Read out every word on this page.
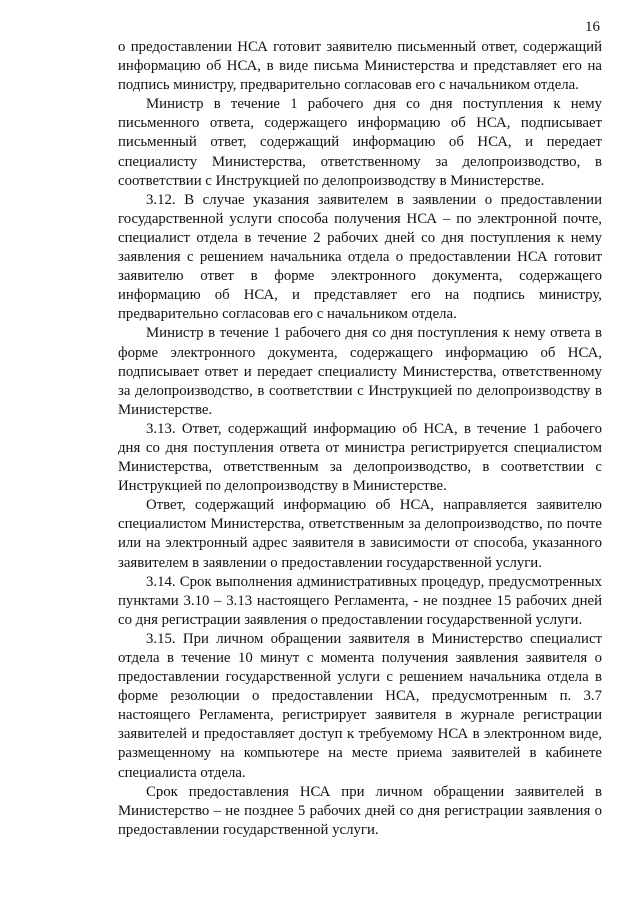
16

о предоставлении НСА готовит заявителю письменный ответ, содержащий информацию об НСА, в виде письма Министерства и представляет его на подпись министру, предварительно согласовав его с начальником отдела.

Министр в течение 1 рабочего дня со дня поступления к нему письменного ответа, содержащего информацию об НСА, подписывает письменный ответ, содержащий информацию об НСА, и передает специалисту Министерства, ответственному за делопроизводство, в соответствии с Инструкцией по делопроизводству в Министерстве.

3.12. В случае указания заявителем в заявлении о предоставлении государственной услуги способа получения НСА – по электронной почте, специалист отдела в течение 2 рабочих дней со дня поступления к нему заявления с решением начальника отдела о предоставлении НСА готовит заявителю ответ в форме электронного документа, содержащего информацию об НСА, и представляет его на подпись министру, предварительно согласовав его с начальником отдела.

Министр в течение 1 рабочего дня со дня поступления к нему ответа в форме электронного документа, содержащего информацию об НСА, подписывает ответ и передает специалисту Министерства, ответственному за делопроизводство, в соответствии с Инструкцией по делопроизводству в Министерстве.

3.13. Ответ, содержащий информацию об НСА, в течение 1 рабочего дня со дня поступления ответа от министра регистрируется специалистом Министерства, ответственным за делопроизводство, в соответствии с Инструкцией по делопроизводству в Министерстве.

Ответ, содержащий информацию об НСА, направляется заявителю специалистом Министерства, ответственным за делопроизводство, по почте или на электронный адрес заявителя в зависимости от способа, указанного заявителем в заявлении о предоставлении государственной услуги.

3.14. Срок выполнения административных процедур, предусмотренных пунктами 3.10 – 3.13 настоящего Регламента, - не позднее 15 рабочих дней со дня регистрации заявления о предоставлении государственной услуги.

3.15. При личном обращении заявителя в Министерство специалист отдела в течение 10 минут с момента получения заявления заявителя о предоставлении государственной услуги с решением начальника отдела в форме резолюции о предоставлении НСА, предусмотренным п. 3.7 настоящего Регламента, регистрирует заявителя в журнале регистрации заявителей и предоставляет доступ к требуемому НСА в электронном виде, размещенному на компьютере на месте приема заявителей в кабинете специалиста отдела.

Срок предоставления НСА при личном обращении заявителей в Министерство – не позднее 5 рабочих дней со дня регистрации заявления о предоставлении государственной услуги.
